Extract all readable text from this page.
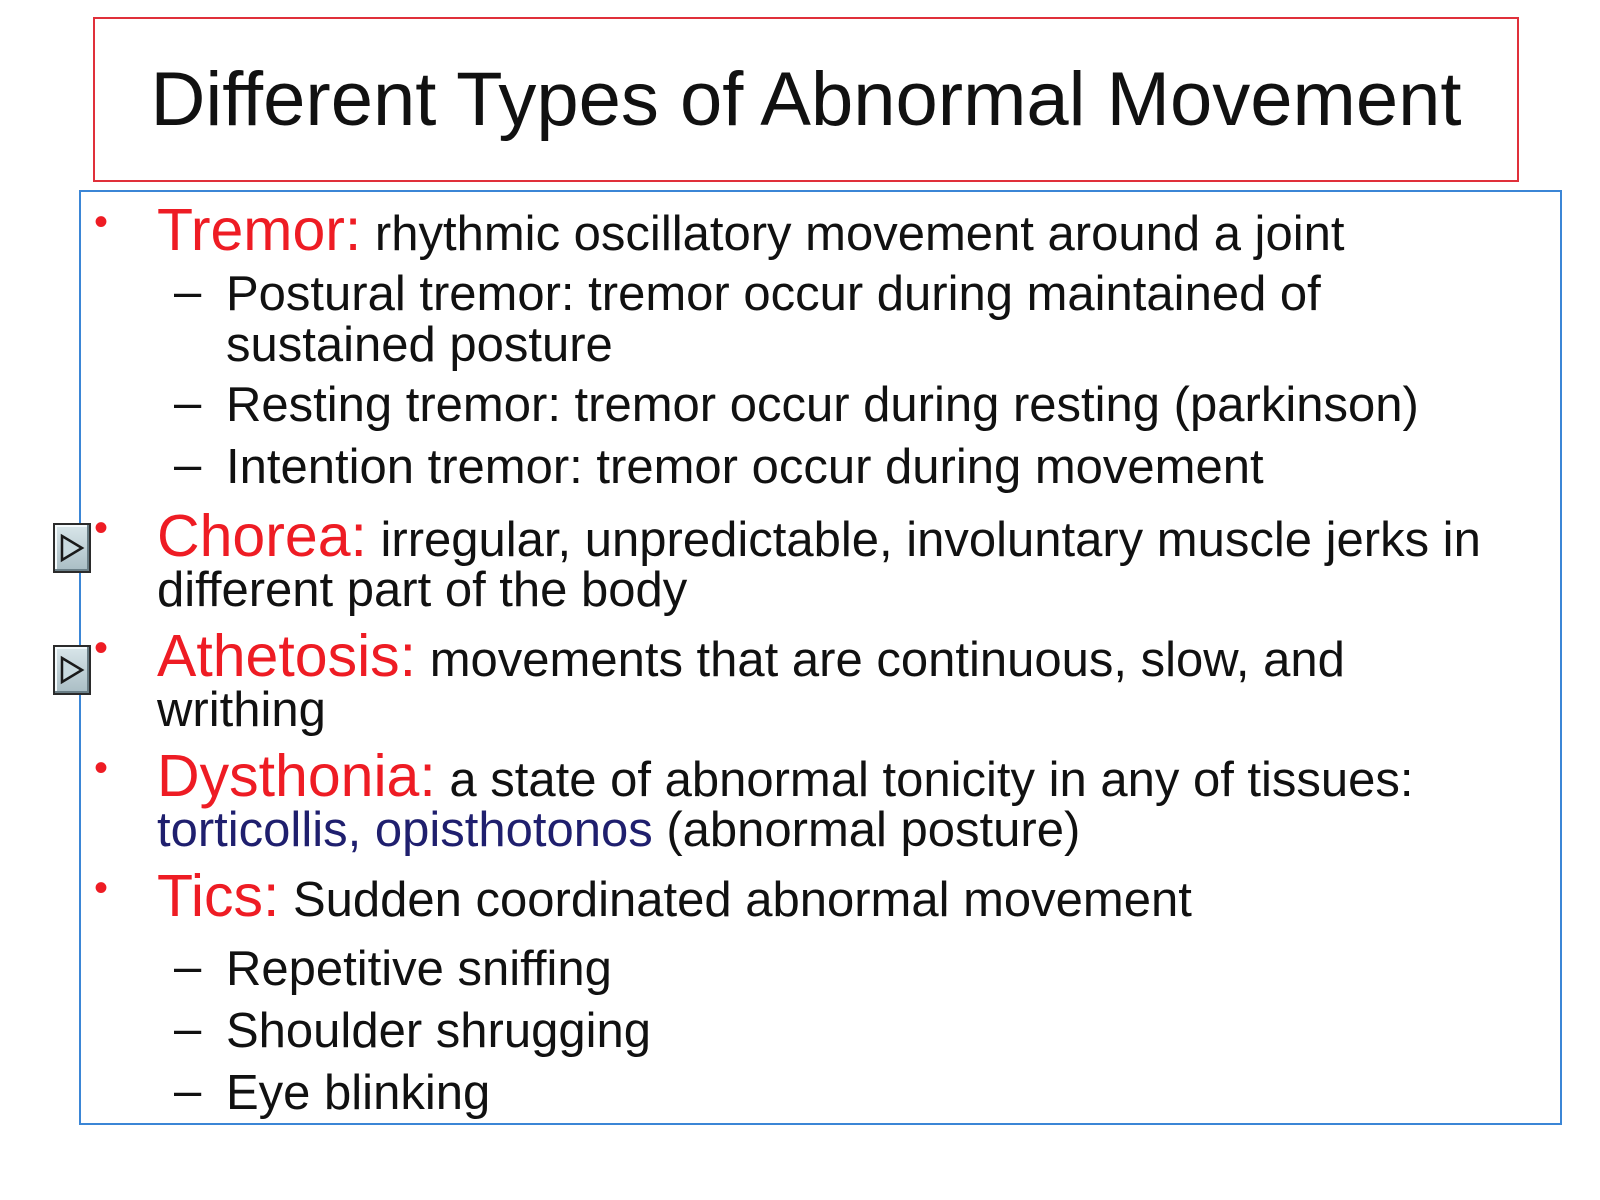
Different Types of Abnormal Movement
• Tremor: rhythmic oscillatory movement around a joint
– Postural tremor: tremor occur during maintained of
sustained posture
– Resting tremor: tremor occur during resting (parkinson)
– Intention tremor: tremor occur during movement
• Chorea: irregular, unpredictable, involuntary muscle jerks in
different part of the body
• Athetosis: movements that are continuous, slow, and
writhing
• Dysthonia: a state of abnormal tonicity in any of tissues:
torticollis, opisthotonos (abnormal posture)
• Tics: Sudden coordinated abnormal movement
– Repetitive sniffing
– Shoulder shrugging
– Eye blinking
